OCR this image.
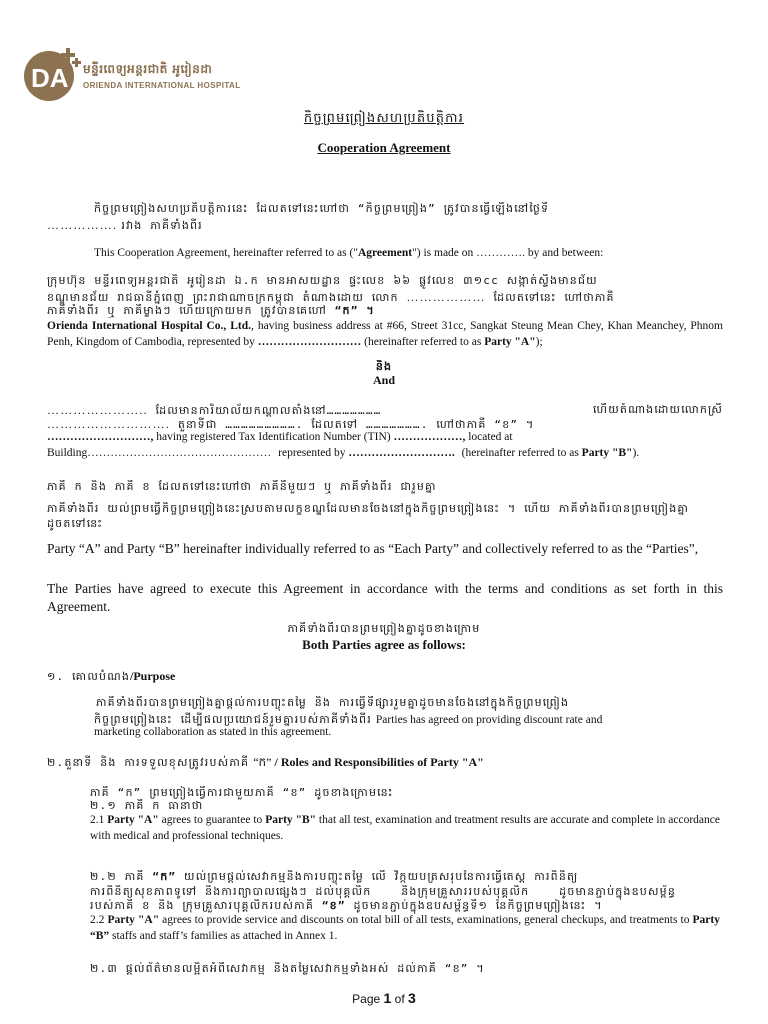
DA មន្ទីរពេទ្យអន្តរជាតិ អូរៀនដា
ORIENDA INTERNATIONAL HOSPITAL
កិច្ចព្រមព្រៀងសហប្រតិបត្តិការ
Cooperation Agreement
កិច្ចព្រមព្រៀងសហប្រតិបត្តិការនេះ ដែលតទៅនេះហៅថា “កិច្ចព្រមព្រៀង” ត្រូវបានធ្វើឡើងនៅថ្ងៃទី
……………. រវាង ភាគីទាំងពីរ
This Cooperation Agreement, hereinafter referred to as ("Agreement") is made on …………. by and between:
ក្រុមហ៊ុន មន្ទីរពេទ្យអន្តរជាតិ អូរៀនដា ឯ.ក មានអាសយដ្ឋាន ផ្ទះលេខ ៦៦ ផ្លូវលេខ ៣១cc សង្កាត់ស្ទឹងមានជ័យ
ខណ្ឌមានជ័យ រាជធានីភ្នំពេញ ព្រះរាជាណាចក្រកម្ពុជា តំណាងដោយ លោក ……………… ដែលតទៅនេះ ហៅថាភាគី
ភាគីទាំងពីរ ឬ ភាគីម្ខាងៗ ហើយក្រោយមក ត្រូវបានគេហៅ “ក” ។
Orienda International Hospital Co., Ltd., having business address at #66, Street 31cc, Sangkat Steung Mean Chey, Khan Meanchey, Phnom Penh, Kingdom of Cambodia, represented by ……………………… (hereinafter referred to as Party "A");
និង
And
………………….. ដែលមានការិយាល័យកណ្តាលតាំងនៅ…………………	ហើយតំណាងដោយលោកស្រី
………………………. តួនាទីជា ………………………. ដែលតទៅ …………………. ហៅថាភាគី “ខ” ។
………………………, having registered Tax Identification Number (TIN) ………………, located at
Building………………………………………… represented by ………………………. (hereinafter referred to as Party "B").
ភាគី ក និង ភាគី ខ ដែលតទៅនេះហៅថា ភាគីនីមួយៗ ឬ ភាគីទាំងពីរ ជារួមគ្នា
ភាគីទាំងពីរ យល់ព្រមធ្វើកិច្ចព្រមព្រៀងនេះស្របតាមលក្ខខណ្ឌដែលមានចែងនៅក្នុងកិច្ចព្រមព្រៀងនេះ ។ ហើយ ភាគីទាំងពីរបានព្រមព្រៀងគ្នា
ដូចតទៅនេះ
Party “A” and Party “B” hereinafter individually referred to as “Each Party” and collectively referred to as the “Parties”,
The Parties have agreed to execute this Agreement in accordance with the terms and conditions as set forth in this Agreement.
ភាគីទាំងពីរបានព្រមព្រៀងគ្នាដូចខាងក្រោម
Both Parties agree as follows:
១. គោលបំណង/Purpose
ភាគីទាំងពីរបានព្រមព្រៀងគ្នាផ្តល់ការបញ្ចុះតម្លៃ និង ការធ្វើទីផ្សាររួមគ្នាដូចមានចែងនៅក្នុងកិច្ចព្រមព្រៀង
កិច្ចព្រមព្រៀងនេះ ដើម្បីផលប្រយោជន៍រួមគ្នារបស់ភាគីទាំងពីរ Parties has agreed on providing discount rate and
marketing collaboration as stated in this agreement.
២.តួនាទី និង ការទទួលខុសត្រូវរបស់ភាគី “ក” / Roles and Responsibilities of Party "A"
ភាគី “ក” ព្រមព្រៀងធ្វើការជាមួយភាគី “ខ” ដូចខាងក្រោមនេះ
២.១ ភាគី ក ធានាថា
2.1 Party "A" agrees to guarantee to Party "B" that all test, examination and treatment results are accurate and complete in accordance with medical and professional techniques.
២.២ ភាគី “ក” យល់ព្រមផ្តល់សេវាកម្មនិងការបញ្ចុះតម្លៃ លើ វិក្កយបត្រសរុបនៃការធ្វើតេស្ត ការពិនិត្យ
ការពិនិត្យសុខភាពទូទៅ និងការព្យាបាលផ្សេងៗ ដល់បុគ្គលិក	និងក្រុមគ្រួសាររបស់បុគ្គលិក	ដូចមានភ្ជាប់ក្នុងឧបសម្ព័ន្ធ
របស់ភាគី ខ និង ក្រុមគ្រួសារបុគ្គលិករបស់ភាគី “ខ” ដូចមានភ្ជាប់ក្នុងឧបសម្ព័ន្ធទី១ នៃកិច្ចព្រមព្រៀងនេះ ។
2.2 Party "A" agrees to provide service and discounts on total bill of all tests, examinations, general checkups, and treatments to Party “B” staffs and staff’s families as attached in Annex 1.
២.៣ ផ្តល់ព័ត៌មានលម្អិតអំពីសេវាកម្ម និងតម្លៃសេវាកម្មទាំងអស់ ដល់ភាគី “ខ” ។
Page 1 of 3
